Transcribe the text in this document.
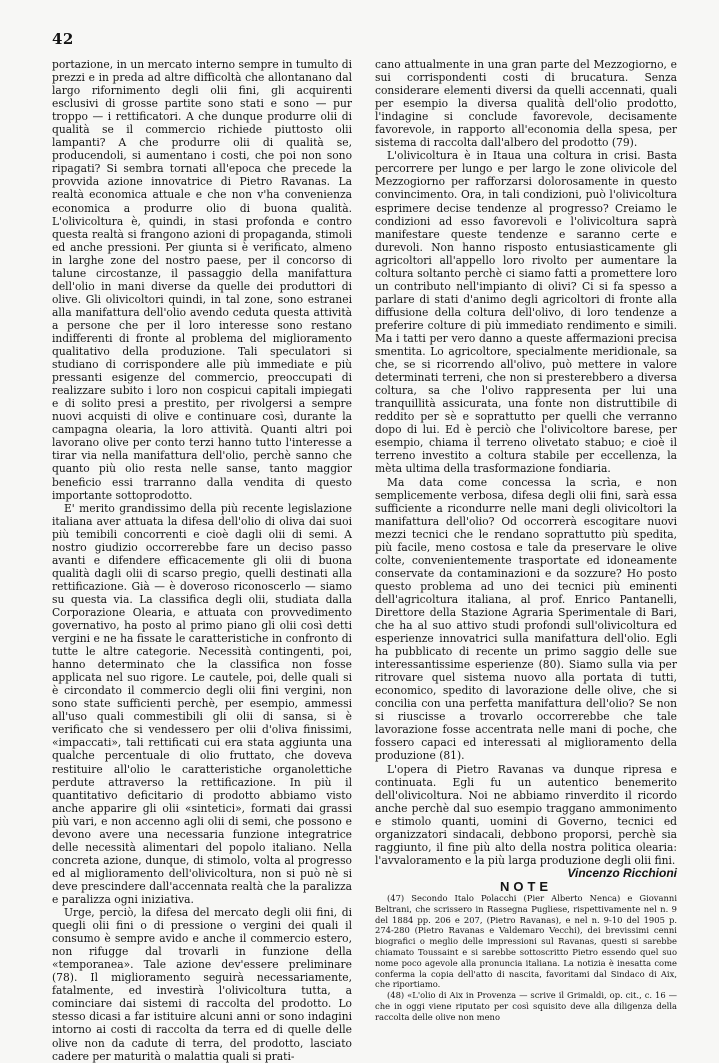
42

portazione, in un mercato interno sempre in tumulto di prezzi e in preda ad altre difficoltà che allontanano dal largo rifornimento degli olii fini, gli acquirenti esclusivi di grosse partite sono stati e sono — pur troppo — i rettificatori. A che dunque produrre olii di qualità se il commercio richiede piuttosto olii lampanti? A che produrre olii di qualità se, producendoli, si aumentano i costi, che poi non sono ripagati? Si sembra tornati all'epoca che precede la provvida azione innovatrice di Pietro Ravanas. La realtà economica attuale e che non v'ha convenienza economica a produrre olio di buona qualità. L'olivicoltura è, quindi, in stasi profonda e contro questa realtà si frangono azioni di propaganda, stimoli ed anche pressioni. Per giunta si è verificato, almeno in larghe zone del nostro paese, per il concorso di talune circostanze, il passaggio della manifattura dell'olio in mani diverse da quelle dei produttori di olive. Gli olivicoltori quindi, in tal zone, sono estranei alla manifattura dell'olio avendo ceduta questa attività a persone che per il loro interesse sono restano indifferenti di fronte al problema del miglioramento qualitativo della produzione. Tali speculatori si studiano di corrispondere alle più immediate e più pressanti esigenze del commercio, preoccupati di realizzare subito i loro non cospicui capitali impiegati e di solito presi a prestito, per rivolgersi a sempre nuovi acquisti di olive e continuare così, durante la campagna olearia, la loro attività. Quanti altri poi lavorano olive per conto terzi hanno tutto l'interesse a tirar via nella manifattura dell'olio, perchè sanno che quanto più olio resta nelle sanse, tanto maggior beneficio essi trarranno dalla vendita di questo importante sottoprodotto.

E' merito grandissimo della più recente legislazione italiana aver attuata la difesa dell'olio di oliva dai suoi più temibili concorrenti e cioè dagli olii di semi. A nostro giudizio occorrerebbe fare un deciso passo avanti e difendere efficacemente gli olii di buona qualità dagli olii di scarso pregio, quelli destinati alla rettificazione. Già — è doveroso riconoscerlo — siamo su questa via. La classifica degli olii, studiata dalla Corporazione Olearia, e attuata con provvedimento governativo, ha posto al primo piano gli olii così detti vergini e ne ha fissate le caratteristiche in confronto di tutte le altre categorie. Necessità contingenti, poi, hanno determinato che la classifica non fosse applicata nel suo rigore. Le cautele, poi, delle quali si è circondato il commercio degli olii fini vergini, non sono state sufficienti perchè, per esempio, ammessi all'uso quali commestibili gli olii di sansa, si è verificato che si vendessero per olii d'oliva finissimi, «impaccati», tali rettificati cui era stata aggiunta una qualche percentuale di olio fruttato, che doveva restituire all'olio le caratteristiche organolettiche perdute attraverso la rettificazione. In più il quantitativo deficitario di prodotto abbiamo visto anche apparire gli olii «sintetici», formati dai grassi più vari, e non accenno agli olii di semi, che possono e devono avere una necessaria funzione integratrice delle necessità alimentari del popolo italiano. Nella concreta azione, dunque, di stimolo, volta al progresso ed al miglioramento dell'olivicoltura, non si può nè si deve prescindere dall'accennata realtà che la paralizza e paralizza ogni iniziativa.

Urge, perciò, la difesa del mercato degli olii fini, di quegli olii fini o di pressione o vergini dei quali il consumo è sempre avido e anche il commercio estero, non rifugge dal trovarli in funzione della «temporanea». Tale azione dev'essere preliminare (78). Il miglioramento seguirà necessariamente, fatalmente, ed investirà l'olivicoltura tutta, a cominciare dai sistemi di raccolta del prodotto. Lo stesso dicasi a far istituire alcuni anni or sono indagini intorno ai costi di raccolta da terra ed di quelle delle olive non da cadute di terra, del prodotto, lasciato cadere per maturità o malattia quali si prati-

cano attualmente in una gran parte del Mezzogiorno, e sui corrispondenti costi di brucatura. Senza considerare elementi diversi da quelli accennati, quali per esempio la diversa qualità dell'olio prodotto, l'indagine si conclude favorevole, decisamente favorevole, in rapporto all'economia della spesa, per sistema di raccolta dall'albero del prodotto (79).

L'olivicoltura è in Itaua una coltura in crisi. Basta percorrere per lungo e per largo le zone olivicole del Mezzogiorno per rafforzarsi dolorosamente in questo convincimento. Ora, in tali condizioni, può l'olivicoltura esprimere decise tendenze al progresso? Creiamo le condizioni ad esso favorevoli e l'olivicoltura saprà manifestare queste tendenze e saranno certe e durevoli. Non hanno risposto entusiasticamente gli agricoltori all'appello loro rivolto per aumentare la coltura soltanto perchè ci siamo fatti a promettere loro un contributo nell'impianto di olivi? Ci si fa spesso a parlare di stati d'animo degli agricoltori di fronte alla diffusione della coltura dell'olivo, di loro tendenze a preferire colture di più immediato rendimento e simili. Ma i tatti per vero danno a queste affermazioni precisa smentita. Lo agricoltore, specialmente meridionale, sa che, se si ricorrendo all'olivo, può mettere in valore determinati terreni, che non si presterebbero a diversa coltura, sa che l'olivo rappresenta per lui una tranquillità assicurata, una fonte non distruttibile di reddito per sè e soprattutto per quelli che verranno dopo di lui. Ed è perciò che l'olivicoltore barese, per esempio, chiama il terreno olivetato stabuo; e cioè il terreno investito a coltura stabile per eccellenza, la mèta ultima della trasformazione fondiaria.

Ma data come concessa la scrìa, e non semplicemente verbosa, difesa degli olii fini, sarà essa sufficiente a ricondurre nelle mani degli olivicoltori la manifattura dell'olio? Od occorrerà escogitare nuovi mezzi tecnici che le rendano soprattutto più spedita, più facile, meno costosa e tale da preservare le olive colte, convenientemente trasportate ed idoneamente conservate da contaminazioni e da sozzure? Ho posto questo problema ad uno dei tecnici più eminenti dell'agricoltura italiana, al prof. Enrico Pantanelli, Direttore della Stazione Agraria Sperimentale di Bari, che ha al suo attivo studi profondi sull'olivicoltura ed esperienze innovatrici sulla manifattura dell'olio. Egli ha pubblicato di recente un primo saggio delle sue interessantissime esperienze (80). Siamo sulla via per ritrovare quel sistema nuovo alla portata di tutti, economico, spedito di lavorazione delle olive, che si concilia con una perfetta manifattura dell'olio? Se non si riuscisse a trovarlo occorrerebbe che tale lavorazione fosse accentrata nelle mani di poche, che fossero capaci ed interessati al miglioramento della produzione (81).

L'opera di Pietro Ravanas va dunque ripresa e continuata. Egli fu un autentico benemerito dell'olivicoltura. Noi ne abbiamo rinverdito il ricordo anche perchè dal suo esempio traggano ammonimento e stimolo quanti, uomini di Governo, tecnici ed organizzatori sindacali, debbono proporsi, perchè sia raggiunto, il fine più alto della nostra politica olearia: l'avvaloramento e la più larga produzione degli olii fini.

Vincenzo Ricchioni

NOTE

(47) Secondo Italo Polacchi (Pier Alberto Nenca) e Giovanni Beltrani, che scrissero in Rassegna Pugliese, rispettivamente nel n. 9 del 1884 pp. 206 e 207, (Pietro Ravanas), e nel n. 9-10 del 1905 p. 274-280 (Pietro Ravanas e Valdemaro Vecchi), dei brevissimi cenni biografici o meglio delle impressioni sul Ravanas, questi si sarebbe chiamato Toussaint e si sarebbe sottoscritto Pietro essendo quel suo nome poco agevole alla pronuncia italiana. La notizia è inesatta come conferma la copia dell'atto di nascita, favoritami dal Sindaco di Aix, che riportiamo.

(48) «L'olio di Aix in Provenza — scrive il Grimaldi, op. cit., c. 16 — che in oggi viene riputato per così squisito deve alla diligenza della raccolta delle olive non meno
